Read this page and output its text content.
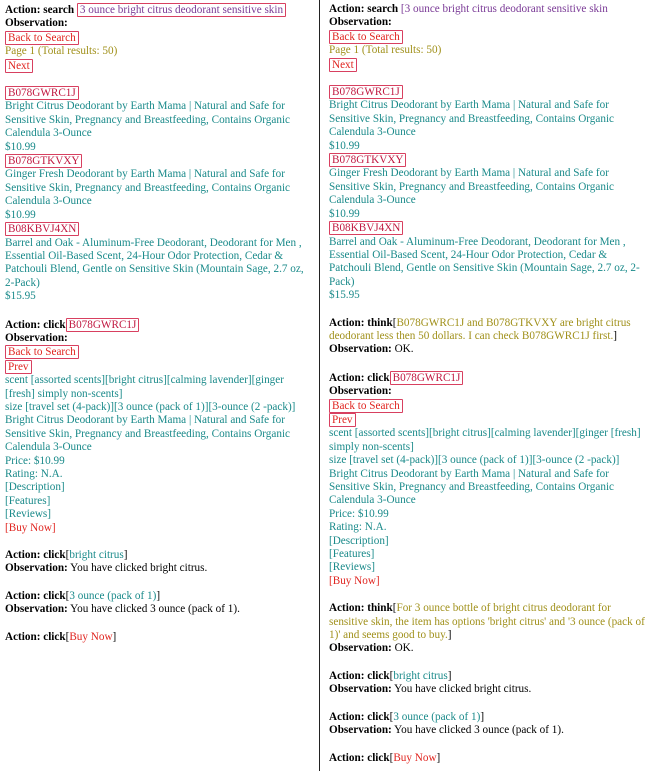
Action: search 3 ounce bright citrus deodorant sensitive skin
Observation:
Back to Search
Page 1 (Total results: 50)
Next
B078GWRC1J
Bright Citrus Deodorant by Earth Mama | Natural and Safe for Sensitive Skin, Pregnancy and Breastfeeding, Contains Organic Calendula 3-Ounce
$10.99
B078GTKVXY
Ginger Fresh Deodorant by Earth Mama | Natural and Safe for Sensitive Skin, Pregnancy and Breastfeeding, Contains Organic Calendula 3-Ounce
$10.99
B08KBVJ4XN
Barrel and Oak - Aluminum-Free Deodorant, Deodorant for Men , Essential Oil-Based Scent, 24-Hour Odor Protection, Cedar & Patchouli Blend, Gentle on Sensitive Skin (Mountain Sage, 2.7 oz, 2-Pack)
$15.95
Action: click B078GWRC1J
Observation:
Back to Search
Prev
scent [assorted scents][bright citrus][calming lavender][ginger [fresh] simply non-scents]
size [travel set (4-pack)][3 ounce (pack of 1)][3-ounce (2 -pack)]
Bright Citrus Deodorant by Earth Mama | Natural and Safe for Sensitive Skin, Pregnancy and Breastfeeding, Contains Organic Calendula 3-Ounce
Price: $10.99
Rating: N.A.
[Description]
[Features]
[Reviews]
[Buy Now]
Action: click[bright citrus]
Observation: You have clicked bright citrus.
Action: click[3 ounce (pack of 1)]
Observation: You have clicked 3 ounce (pack of 1).
Action: click[Buy Now]
Action: search [3 ounce bright citrus deodorant sensitive skin
Observation:
Back to Search
Page 1 (Total results: 50)
Next
B078GWRC1J
Bright Citrus Deodorant by Earth Mama | Natural and Safe for Sensitive Skin, Pregnancy and Breastfeeding, Contains Organic Calendula 3-Ounce
$10.99
B078GTKVXY
Ginger Fresh Deodorant by Earth Mama | Natural and Safe for Sensitive Skin, Pregnancy and Breastfeeding, Contains Organic Calendula 3-Ounce
$10.99
B08KBVJ4XN
Barrel and Oak - Aluminum-Free Deodorant, Deodorant for Men , Essential Oil-Based Scent, 24-Hour Odor Protection, Cedar & Patchouli Blend, Gentle on Sensitive Skin (Mountain Sage, 2.7 oz, 2-Pack)
$15.95
Action: think[B078GWRC1J and B078GTKVXY are bright citrus deodorant less then 50 dollars. I can check B078GWRC1J first.]
Observation: OK.
Action: click B078GWRC1J
Observation:
Back to Search
Prev
scent [assorted scents][bright citrus][calming lavender][ginger [fresh] simply non-scents]
size [travel set (4-pack)][3 ounce (pack of 1)][3-ounce (2 -pack)]
Bright Citrus Deodorant by Earth Mama | Natural and Safe for Sensitive Skin, Pregnancy and Breastfeeding, Contains Organic Calendula 3-Ounce
Price: $10.99
Rating: N.A.
[Description]
[Features]
[Reviews]
[Buy Now]
Action: think[For 3 ounce bottle of bright citrus deodorant for sensitive skin, the item has options 'bright citrus' and '3 ounce (pack of 1)' and seems good to buy.]
Observation: OK.
Action: click[bright citrus]
Observation: You have clicked bright citrus.
Action: click[3 ounce (pack of 1)]
Observation: You have clicked 3 ounce (pack of 1).
Action: click[Buy Now]
